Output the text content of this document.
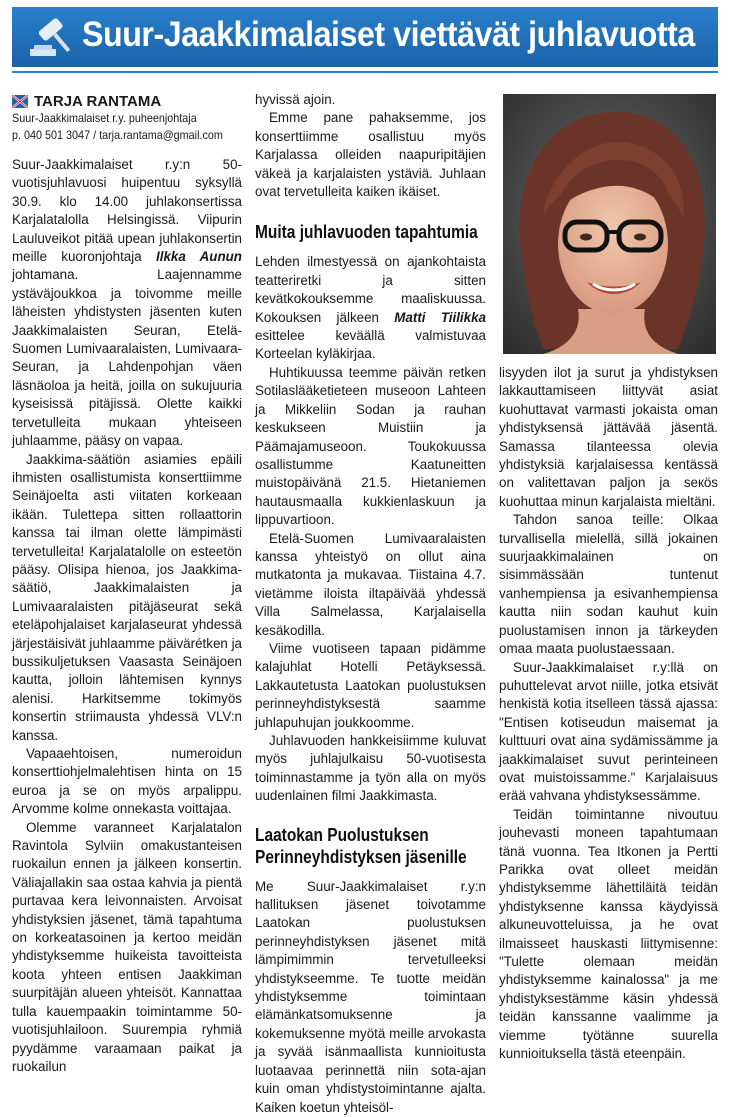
Suur-Jaakkimalaiset viettävät juhlavuotta
TARJA RANTAMA
Suur-Jaakkimalaiset r.y. puheenjohtaja
p. 040 501 3047 / tarja.rantama@gmail.com

Suur-Jaakkimalaiset r.y:n 50-vuotisjuhlavuosi huipentuu syksyllä 30.9. klo 14.00 juhlakonsertissa Karjalatalolla Helsingissä. Viipurin Lauluveikot pitää upean juhlakonsertin meille kuoronjohtaja Ilkka Aunun johtamana. Laajennamme ystäväjoukkoa ja toivomme meille läheisten yhdistysten jäsenten kuten Jaakkimalaisten Seuran, Etelä-Suomen Lumivaaralaisten, Lumivaara-Seuran, ja Lahdenpohjan väen läsnäoloa ja heitä, joilla on sukujuuria kyseisissä pitäjissä. Olette kaikki tervetulleita mukaan yhteiseen juhlaamme, pääsy on vapaa.

Jaakkima-säätiön asiamies epäili ihmisten osallistumista konserttiimme Seinäjoelta asti viitaten korkeaan ikään. Tulettepa sitten rollaattorin kanssa tai ilman olette lämpimästi tervetulleita! Karjalatalolle on esteetön pääsy. Olisipa hienoa, jos Jaakkima-säätiö, Jaakkimalaisten ja Lumivaaralaisten pitäjäseurat sekä eteläpohjalaiset karjalaseurat yhdessä järjestäisivät juhlaamme päivärétken ja bussikuljetuksen Vaasasta Seinäjoen kautta, jolloin lähtemisen kynnys alenisi. Harkitsemme tokimyös konsertin striimausta yhdessä VLV:n kanssa.

Vapaaehtoisen, numeroidun konserttiohjelmalehtisen hinta on 15 euroa ja se on myös arpalippu. Arvomme kolme onnekasta voittajaa.

Olemme varanneet Karjalatalon Ravintola Sylviin omakustanteisen ruokailun ennen ja jälkeen konsertin. Väliajallakin saa ostaa kahvia ja pientä purtavaa kera leivonnaisten. Arvoisat yhdistyksien jäsenet, tämä tapahtuma on korkeatasoinen ja kertoo meidän yhdistyksemme huikeista tavoitteista koota yhteen entisen Jaakkiman suurpitäjän alueen yhteisöt. Kannattaa tulla kauempaakin toimintamme 50-vuotisjuhlailoon. Suurempia ryhmiä pyydämme varaamaan paikat ja ruokailun

hyvissä ajoin.

Emme pane pahaksemme, jos konserttiimme osallistuu myös Karjalassa olleiden naapuripitäjien väkeä ja karjalaisten ystäviä. Juhlaan ovat tervetulleita kaiken ikäiset.

Muita juhlavuoden tapahtumia

Lehden ilmestyessä on ajankohtaista teatteriretki ja sitten kevätkokouksemme maaliskuussa. Kokouksen jälkeen Matti Tiilikka esittelee keväällä valmistuvaa Korteelan kyläkirjaa.

Huhtikuussa teemme päivän retken Sotilaslääketieteen museoon Lahteen ja Mikkeliin Sodan ja rauhan keskukseen Muistiin ja Päämajamuseoon. Toukokuussa osallistumme Kaatuneitten muistopäivänä 21.5. Hietaniemen hautausmaalla kukkienlaskuun ja lippuvartioon.

Etelä-Suomen Lumivaaralaisten kanssa yhteistyö on ollut aina mutkatonta ja mukavaa. Tiistaina 4.7. vietämme iloista iltapäivää yhdessä Villa Salmelassa, Karjalaisella kesäkodilla.

Viime vuotiseen tapaan pidämme kalajuhlat Hotelli Petäyksessä. Lakkautetusta Laatokan puolustuksen perinneyhdistyksestä saamme juhlapuhujan joukkoomme.

Juhlavuoden hankkeisiimme kuluvat myös juhlajulkaisu 50-vuotisesta toiminnastamme ja työn alla on myös uudenlainen filmi Jaakkimasta.

Laatokan Puolustuksen
Perinneyhdistyksen jäsenille

Me Suur-Jaakkimalaiset r.y:n hallituksen jäsenet toivotamme Laatokan puolustuksen perinneyhdistyksen jäsenet mitä lämpimimmin tervetulleeksi yhdistykseemme. Te tuotte meidän yhdistyksemme toimintaan elämänkatsomuksenne ja kokemuksenne myötä meille arvokasta ja syvää isänmaallista kunnioitusta luotaavaa perinnettä niin sota-ajan kuin oman yhdistystoimintanne ajalta. Kaiken koetun yhteisöl-

lisyyden ilot ja surut ja yhdistyksen lakkauttamiseen liittyvät asiat kuohuttavat varmasti jokaista oman yhdistyksensä jättävää jäsentä. Samassa tilanteessa olevia yhdistyksiä karjalaisessa kentässä on valitettavan paljon ja seкös kuohuttaa minun karjalaista mieltäni.

Tahdon sanoa teille: Olkaa turvallisella mielellä, sillä jokainen suurjaakkimalainen on sisimmässään tuntenut vanhempiensa ja esivanhempiensa kautta niin sodan kauhut kuin puolustamisen innon ja tärkeyden omaa maata puolustaessaan.

Suur-Jaakkimalaiset r.y:llä on puhuttelevat arvot niille, jotka etsivät henkistä kotia itselleen tässä ajassa: "Entisen kotiseudun maisemat ja kulttuuri ovat aina sydämissämme ja jaakkimalaiset suvut perinteineen ovat muistoissamme." Karjalaisuus erää vahvana yhdistyksessämme.

Teidän toimintanne nivoutuu jouhevasti moneen tapahtumaan tänä vuonna. Tea Itkonen ja Pertti Parikka ovat olleet meidän yhdistyksemme lähettiläitä teidän yhdistyksenne kanssa käydyissä alkuneuvotteluissa, ja he ovat ilmaisseet hauskasti liittymisenne: "Tulette olemaan meidän yhdistyksemme kainalossa" ja me yhdistyksestämme käsin yhdessä teidän kanssanne vaalimme ja viemme työtänne suurella kunnioituksella tästä eteenpäin.
